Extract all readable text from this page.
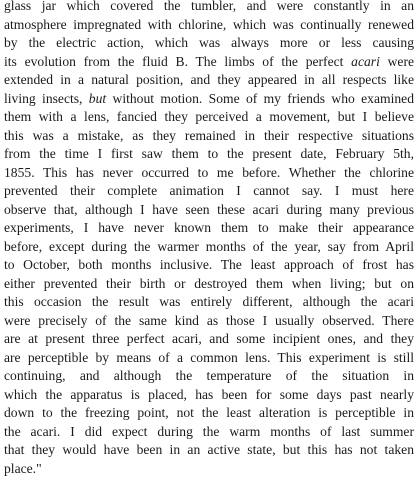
glass jar which covered the tumbler, and were constantly in an
atmosphere impregnated with chlorine, which was continually renewed
by the electric action, which was always more or less causing
its evolution from the fluid B. The limbs of the perfect acari were
extended in a natural position, and they appeared in all respects like
living insects, but without motion. Some of my friends who examined
them with a lens, fancied they perceived a movement, but I believe
this was a mistake, as they remained in their respective situations
from the time I first saw them to the present date, February 5th,
1855. This has never occurred to me before. Whether the chlorine
prevented their complete animation I cannot say. I must here
observe that, although I have seen these acari during many previous
experiments, I have never known them to make their appearance
before, except during the warmer months of the year, say from April
to October, both months inclusive. The least approach of frost has
either prevented their birth or destroyed them when living; but on
this occasion the result was entirely different, although the acari
were precisely of the same kind as those I usually observed. There
are at present three perfect acari, and some incipient ones, and they
are perceptible by means of a common lens. This experiment is still
continuing, and although the temperature of the situation in
which the apparatus is placed, has been for some days past nearly
down to the freezing point, not the least alteration is perceptible in
the acari. I did expect during the warm months of last summer
that they would have been in an active state, but this has not taken
place."
